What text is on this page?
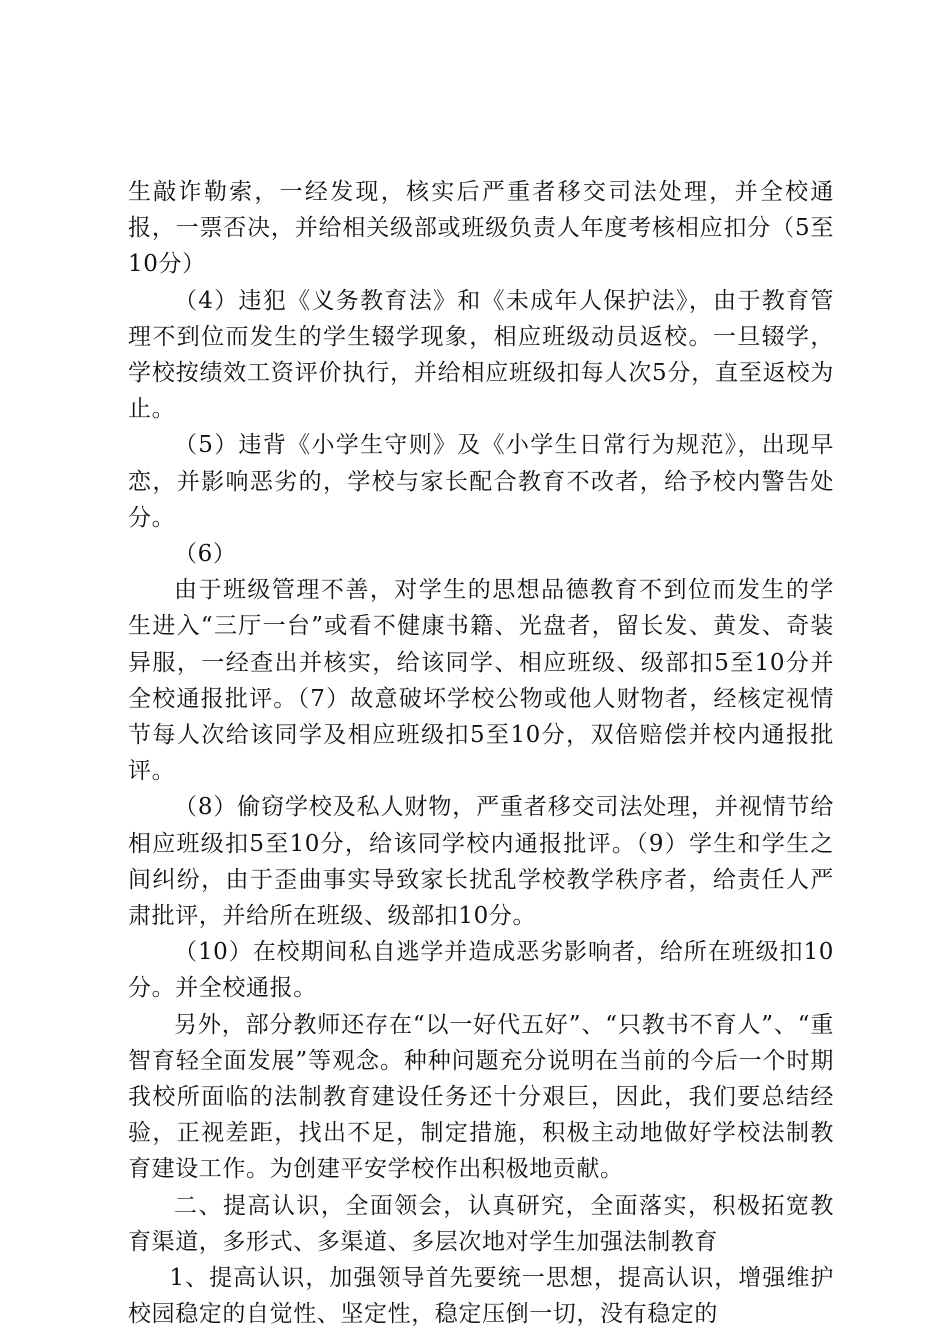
生敲诈勒索，一经发现，核实后严重者移交司法处理，并全校通报，一票否决，并给相关级部或班级负责人年度考核相应扣分（5至10分）

（4）违犯《义务教育法》和《未成年人保护法》，由于教育管理不到位而发生的学生辍学现象，相应班级动员返校。一旦辍学，学校按绩效工资评价执行，并给相应班级扣每人次5分，直至返校为止。

（5）违背《小学生守则》及《小学生日常行为规范》，出现早恋，并影响恶劣的，学校与家长配合教育不改者，给予校内警告处分。

（6）

由于班级管理不善，对学生的思想品德教育不到位而发生的学生进入“三厅一台”或看不健康书籍、光盘者，留长发、黄发、奇装异服，一经查出并核实，给该同学、相应班级、级部扣5至10分并全校通报批评。（7）故意破坏学校公物或他人财物者，经核定视情节每人次给该同学及相应班级扣5至10分，双倍赔偿并校内通报批评。

（8）偷窃学校及私人财物，严重者移交司法处理，并视情节给相应班级扣5至10分，给该同学校内通报批评。（9）学生和学生之间纠纷，由于歪曲事实导致家长扰乱学校教学秩序者，给责任人严肃批评，并给所在班级、级部扣10分。

（10）在校期间私自逃学并造成恶劣影响者，给所在班级扣10分。并全校通报。

另外，部分教师还存在“以一好代五好”、“只教书不育人”、“重智育轻全面发展”等观念。种种问题充分说明在当前的今后一个时期我校所面临的法制教育建设任务还十分艰巨，因此，我们要总结经验，正视差距，找出不足，制定措施，积极主动地做好学校法制教育建设工作。为创建平安学校作出积极地贡献。

二、提高认识，全面领会，认真研究，全面落实，积极拓宽教育渠道，多形式、多渠道、多层次地对学生加强法制教育

1、提高认识，加强领导首先要统一思想，提高认识，增强维护校园稳定的自觉性、坚定性，稳定压倒一切，没有稳定的
